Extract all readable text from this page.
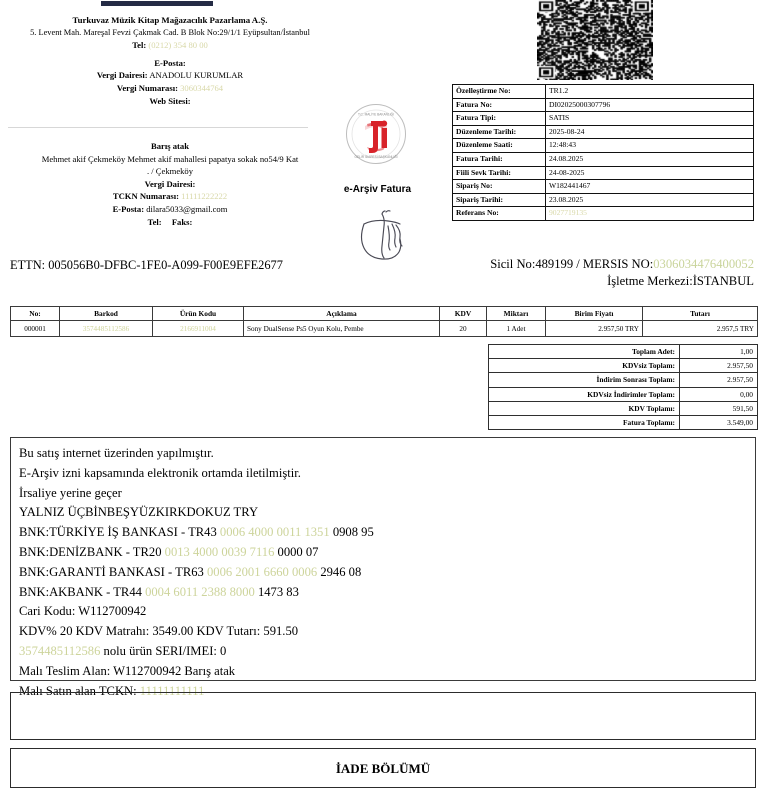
Turkuvaz Müzik Kitap Mağazacılık Pazarlama A.Ş.
5. Levent Mah. Mareşal Fevzi Çakmak Cad. B Blok No:29/1/1 Eyüpsultan/İstanbul
Tel: (0212) 354 80 00
E-Posta:
Vergi Dairesi: ANADOLU KURUMLAR
Vergi Numarası: 3060344764
Web Sitesi:
Barış atak
Mehmet akif Çekmeköy Mehmet akif mahallesi papatya sokak no54/9 Kat
. / Çekmeköy
Vergi Dairesi:
TCKN Numarası: 11111222222
E-Posta: dilara5033@gmail.com
Tel: Faks:
T.C. MALİYE BAKANLIĞI
GELİR İDARESİ BAŞKANLIĞI
e-Arşiv Fatura
Özelleştirme No:	TR1.2
Fatura No:	DI02025000307796
Fatura Tipi:	SATIS
Düzenleme Tarihi:	2025-08-24
Düzenleme Saati:	12:48:43
Fatura Tarihi:	24.08.2025
Fiili Sevk Tarihi:	24-08-2025
Sipariş No:	W182441467
Sipariş Tarihi:	23.08.2025
Referans No:	9027719135
ETTN: 005056B0-DFBC-1FE0-A099-F00E9EFE2677	Sicil No:489199 / MERSIS NO:0306034476400052
İşletme Merkezi:İSTANBUL
No:	Barkod	Ürün Kodu	Açıklama	KDV	Miktarı	Birim Fiyatı	Tutarı
000001	3574485112586	2166911004	Sony DualSense Ps5 Oyun Kolu, Pembe	20	1 Adet	2.957,50 TRY	2.957,5 TRY
Toplam Adet:	1,00
KDVsiz Toplam:	2.957,50
İndirim Sonrası Toplam:	2.957,50
KDVsiz İndirimler Toplam:	0,00
KDV Toplamı:	591,50
Fatura Toplamı:	3.549,00
Bu satış internet üzerinden yapılmıştır.
E-Arşiv izni kapsamında elektronik ortamda iletilmiştir.
İrsaliye yerine geçer
YALNIZ ÜÇBİNBEŞYÜZKIRKDOKUZ TRY
BNK:TÜRKİYE İŞ BANKASI - TR43 0006 4000 0011 1351 0908 95
BNK:DENİZBANK - TR20 0013 4000 0039 7116 0000 07
BNK:GARANTİ BANKASI - TR63 0006 2001 6660 0006 2946 08
BNK:AKBANK - TR44 0004 6011 2388 8000 1473 83
Cari Kodu: W112700942
KDV% 20 KDV Matrahı: 3549.00 KDV Tutarı: 591.50
3574485112586 nolu ürün SERI/IMEI: 0
Malı Teslim Alan: W112700942 Barış atak
Malı Satın alan TCKN: 11111111111
İADE BÖLÜMÜ
